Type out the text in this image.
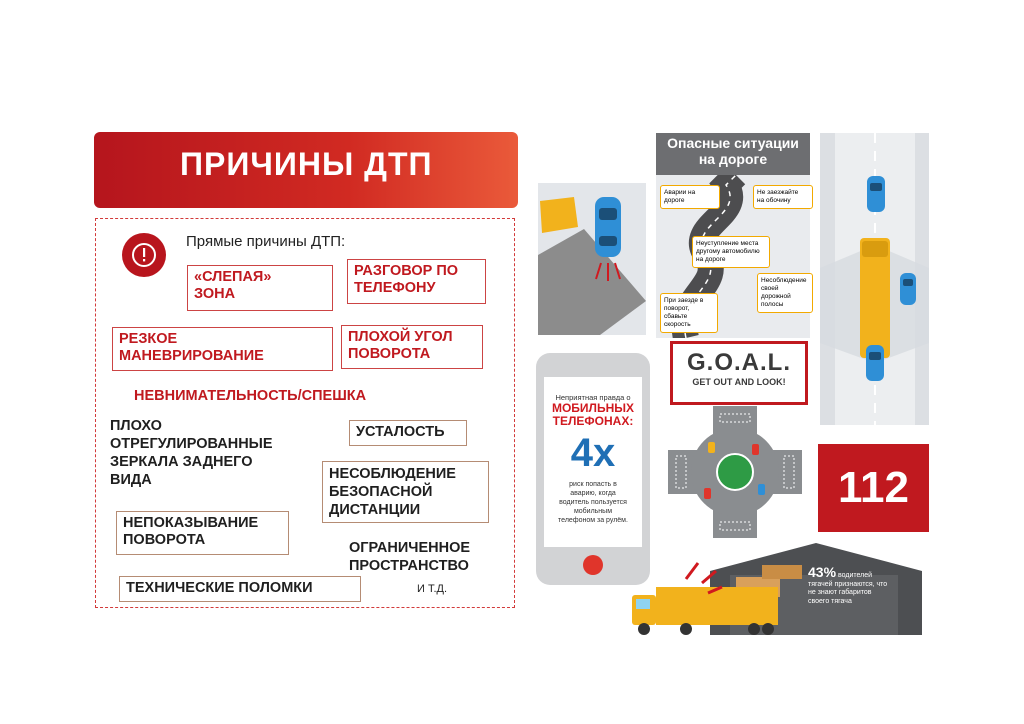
ПРИЧИНЫ ДТП
Прямые причины ДТП:
«СЛЕПАЯ»
ЗОНА
РАЗГОВОР ПО
ТЕЛЕФОНУ
РЕЗКОЕ
МАНЕВРИРОВАНИЕ
ПЛОХОЙ УГОЛ
ПОВОРОТА
НЕВНИМАТЕЛЬНОСТЬ/СПЕШКА
ПЛОХО
ОТРЕГУЛИРОВАННЫЕ
ЗЕРКАЛА ЗАДНЕГО
ВИДА
УСТАЛОСТЬ
НЕСОБЛЮДЕНИЕ
БЕЗОПАСНОЙ
ДИСТАНЦИИ
НЕПОКАЗЫВАНИЕ
ПОВОРОТА	ОГРАНИЧЕННОЕ
ПРОСТРАНСТВО
ТЕХНИЧЕСКИЕ ПОЛОМКИ	И Т.Д.
Опасные ситуации
на дороге
Аварии на
дороге
Не заезжайте
на обочину
Неуступление места
другому автомобилю
на дороге
Несоблюдение
своей дорожной
полосы
При заезде в
поворот, сбавьте
скорость
Неприятная правда о
МОБИЛЬНЫХ
ТЕЛЕФОНАХ:
4x
риск попасть в
аварию, когда
водитель пользуется
мобильным
телефоном за рулём.
G.O.A.L.
GET OUT AND LOOK!
112
43% водителей
тягачей признаются, что
не знают габаритов
своего тягача
